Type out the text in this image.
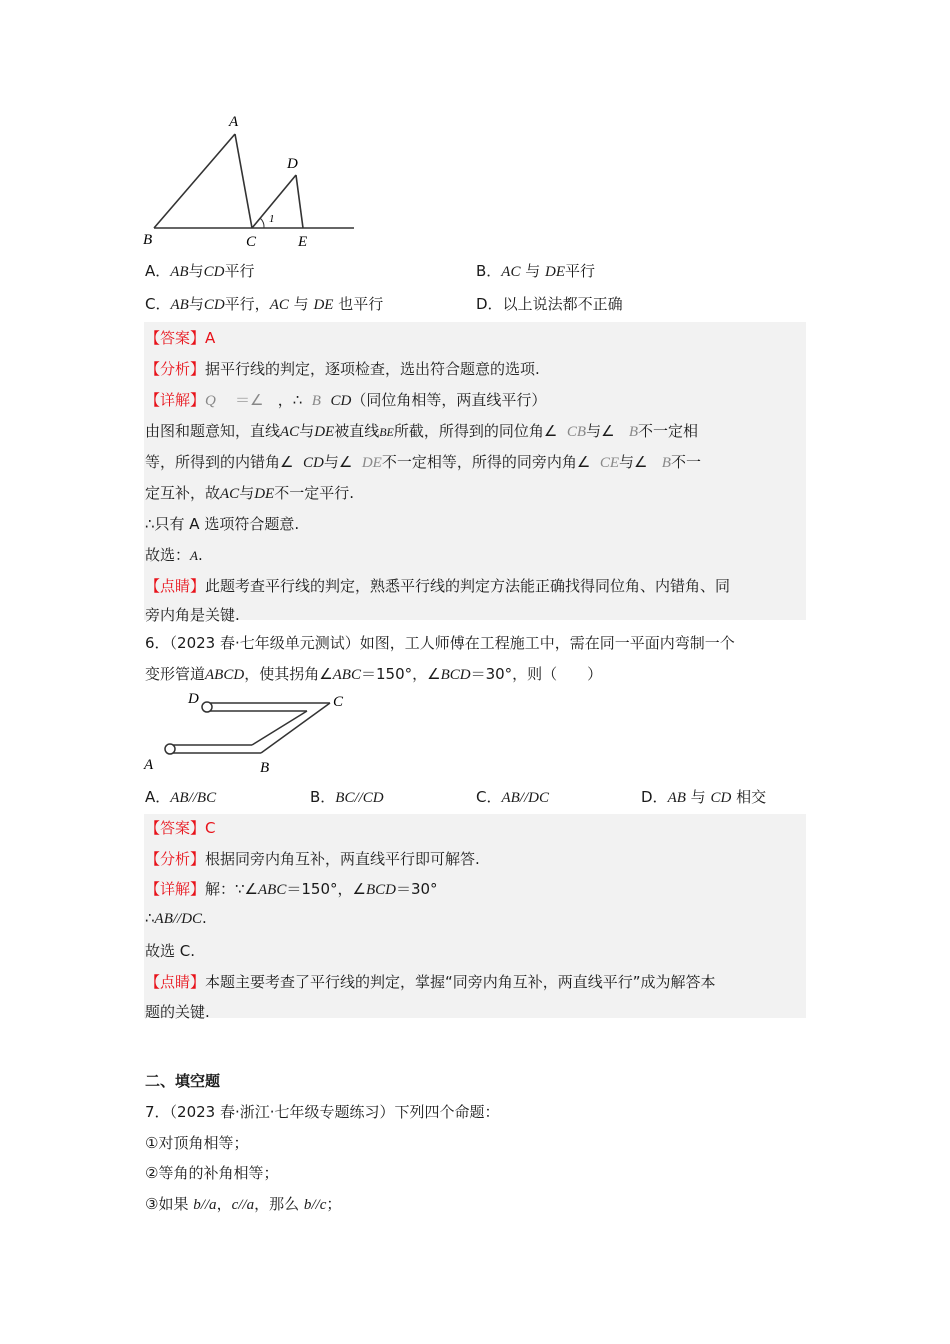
A
B	C
D
E
1
A．AB与CD平行	B．AC 与 DE平行
C．AB与CD平行，AC 与 DE 也平行	D．以上说法都不正确
【答案】A
【分析】据平行线的判定，逐项检查，选出符合题意的选项.
【详解】Q ＝∠ ，∴ B CD（同位角相等，两直线平行）
由图和题意知，直线AC与DE被直线BE所截，所得到的同位角∠ CB与∠ B不一定相
等，所得到的内错角∠ CD与∠ DE不一定相等，所得的同旁内角∠ CE与∠ B不一
定互补，故AC与DE不一定平行.
∴只有 A 选项符合题意.
故选：A.
【点睛】此题考查平行线的判定，熟悉平行线的判定方法能正确找得同位角、内错角、同
旁内角是关键.
6．（2023 春·七年级单元测试）如图，工人师傅在工程施工中，需在同一平面内弯制一个
变形管道ABCD，使其拐角∠ABC＝150°，∠BCD＝30°，则（　　）
D	C
A	B
A．AB//BC	B．BC//CD	C．AB//DC	D．AB 与 CD 相交
【答案】C
【分析】根据同旁内角互补，两直线平行即可解答.
【详解】解：∵∠ABC＝150°，∠BCD＝30°
∴AB//DC.
故选 C.
【点睛】本题主要考查了平行线的判定，掌握“同旁内角互补，两直线平行”成为解答本
题的关键.
二、填空题
7．（2023 春·浙江·七年级专题练习）下列四个命题：
①对顶角相等；
②等角的补角相等；
③如果 b//a，c//a，那么 b//c；
